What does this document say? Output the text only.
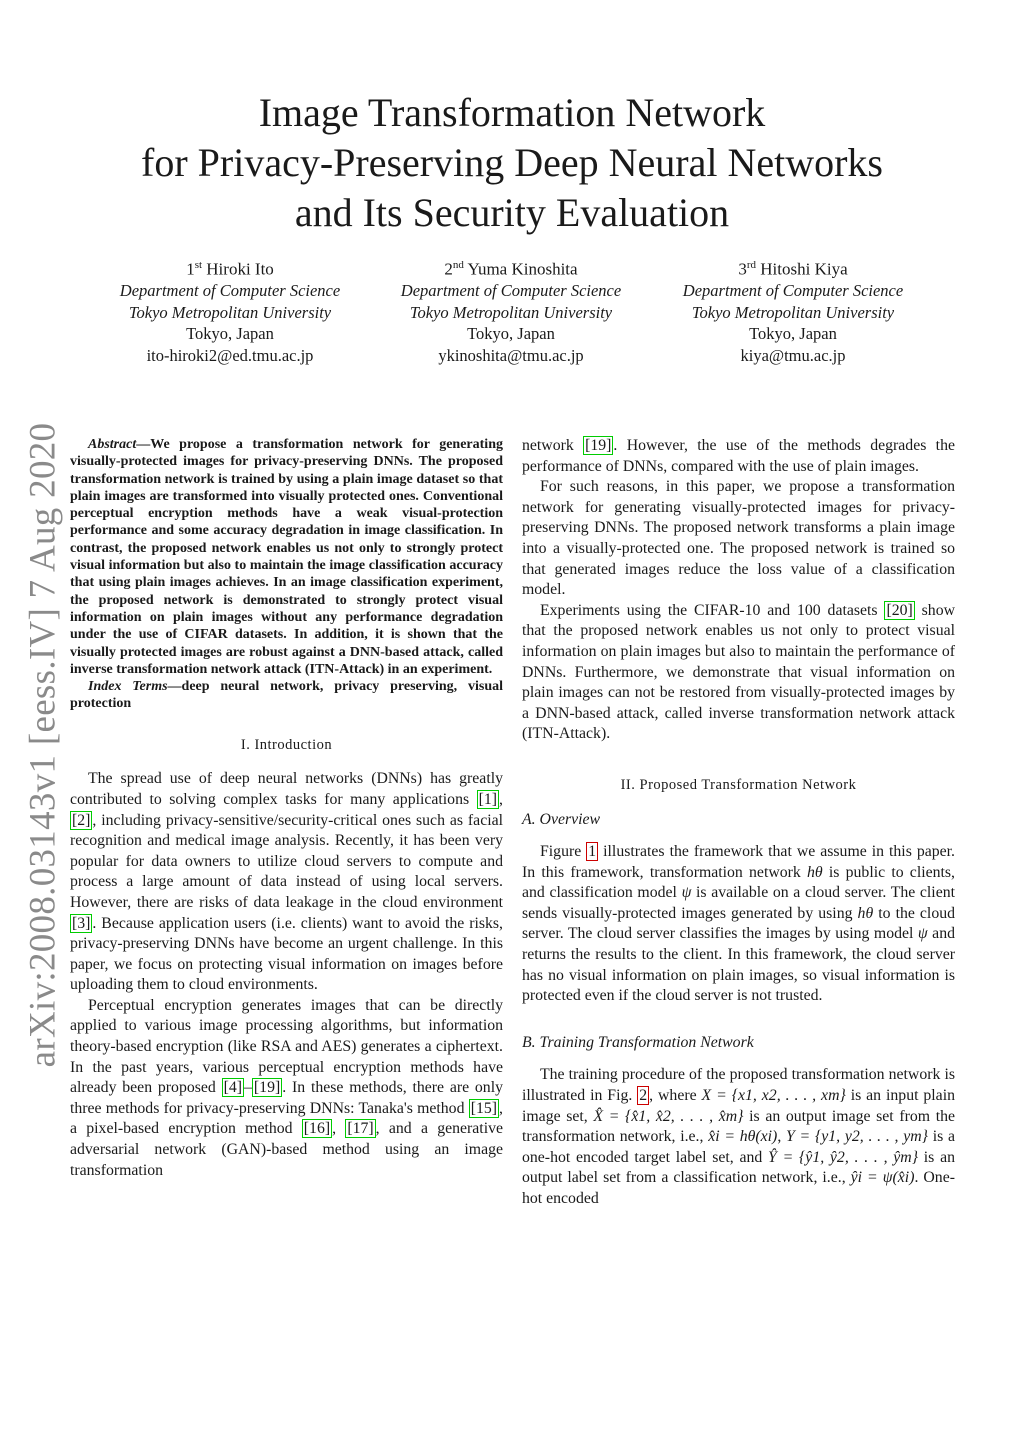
Image Transformation Network
for Privacy-Preserving Deep Neural Networks
and Its Security Evaluation
1st Hiroki Ito
Department of Computer Science
Tokyo Metropolitan University
Tokyo, Japan
ito-hiroki2@ed.tmu.ac.jp
2nd Yuma Kinoshita
Department of Computer Science
Tokyo Metropolitan University
Tokyo, Japan
ykinoshita@tmu.ac.jp
3rd Hitoshi Kiya
Department of Computer Science
Tokyo Metropolitan University
Tokyo, Japan
kiya@tmu.ac.jp
arXiv:2008.03143v1 [eess.IV] 7 Aug 2020	Abstract—We propose a transformation network for generating visually-protected images for privacy-preserving DNNs. The proposed transformation network is trained by using a plain image dataset so that plain images are transformed into visually protected ones. Conventional perceptual encryption methods have a weak visual-protection performance and some accuracy degradation in image classification. In contrast, the proposed network enables us not only to strongly protect visual information but also to maintain the image classification accuracy that using plain images achieves. In an image classification experiment, the proposed network is demonstrated to strongly protect visual information on plain images without any performance degradation under the use of CIFAR datasets. In addition, it is shown that the visually protected images are robust against a DNN-based attack, called inverse transformation network attack (ITN-Attack) in an experiment.
Index Terms—deep neural network, privacy preserving, visual protection
I. Introduction

The spread use of deep neural networks (DNNs) has greatly contributed to solving complex tasks for many applications [1] , [2] , including privacy-sensitive/security-critical ones such as facial recognition and medical image analysis. Recently, it has been very popular for data owners to utilize cloud servers to compute and process a large amount of data instead of using local servers. However, there are risks of data leakage in the cloud environment [3] . Because application users (i.e. clients) want to avoid the risks, privacy-preserving DNNs have become an urgent challenge. In this paper, we focus on protecting visual information on images before uploading them to cloud environments.

Perceptual encryption generates images that can be directly applied to various image processing algorithms, but information theory-based encryption (like RSA and AES) generates a ciphertext. In the past years, various perceptual encryption methods have already been proposed [4] – [19] . In these methods, there are only three methods for privacy-preserving DNNs: Tanaka's method [15] , a pixel-based encryption method [16] , [17] , and a generative adversarial network (GAN)-based method using an image transformation

network [19] . However, the use of the methods degrades the performance of DNNs, compared with the use of plain images.

For such reasons, in this paper, we propose a transformation network for generating visually-protected images for privacy-preserving DNNs. The proposed network transforms a plain image into a visually-protected one. The proposed network is trained so that generated images reduce the loss value of a classification model.

Experiments using the CIFAR-10 and 100 datasets [20] show that the proposed network enables us not only to protect visual information on plain images but also to maintain the performance of DNNs. Furthermore, we demonstrate that visual information on plain images can not be restored from visually-protected images by a DNN-based attack, called inverse transformation network attack (ITN-Attack).

II. Proposed Transformation Network
A. Overview

Figure 1 illustrates the framework that we assume in this paper. In this framework, transformation network hθ is public to clients, and classification model ψ is available on a cloud server. The client sends visually-protected images generated by using hθ to the cloud server. The cloud server classifies the images by using model ψ and returns the results to the client. In this framework, the cloud server has no visual information on plain images, so visual information is protected even if the cloud server is not trusted.

B. Training Transformation Network

The training procedure of the proposed transformation network is illustrated in Fig. 2 , where X = {x1, x2, . . . , xm} is an input plain image set, X̂ = {x̂1, x̂2, . . . , x̂m} is an output image set from the transformation network, i.e., x̂i = hθ(xi), Y = {y1, y2, . . . , ym} is a one-hot encoded target label set, and Ŷ = {ŷ1, ŷ2, . . . , ŷm} is an output label set from a classification network, i.e., ŷi = ψ(x̂i). One-hot encoded
